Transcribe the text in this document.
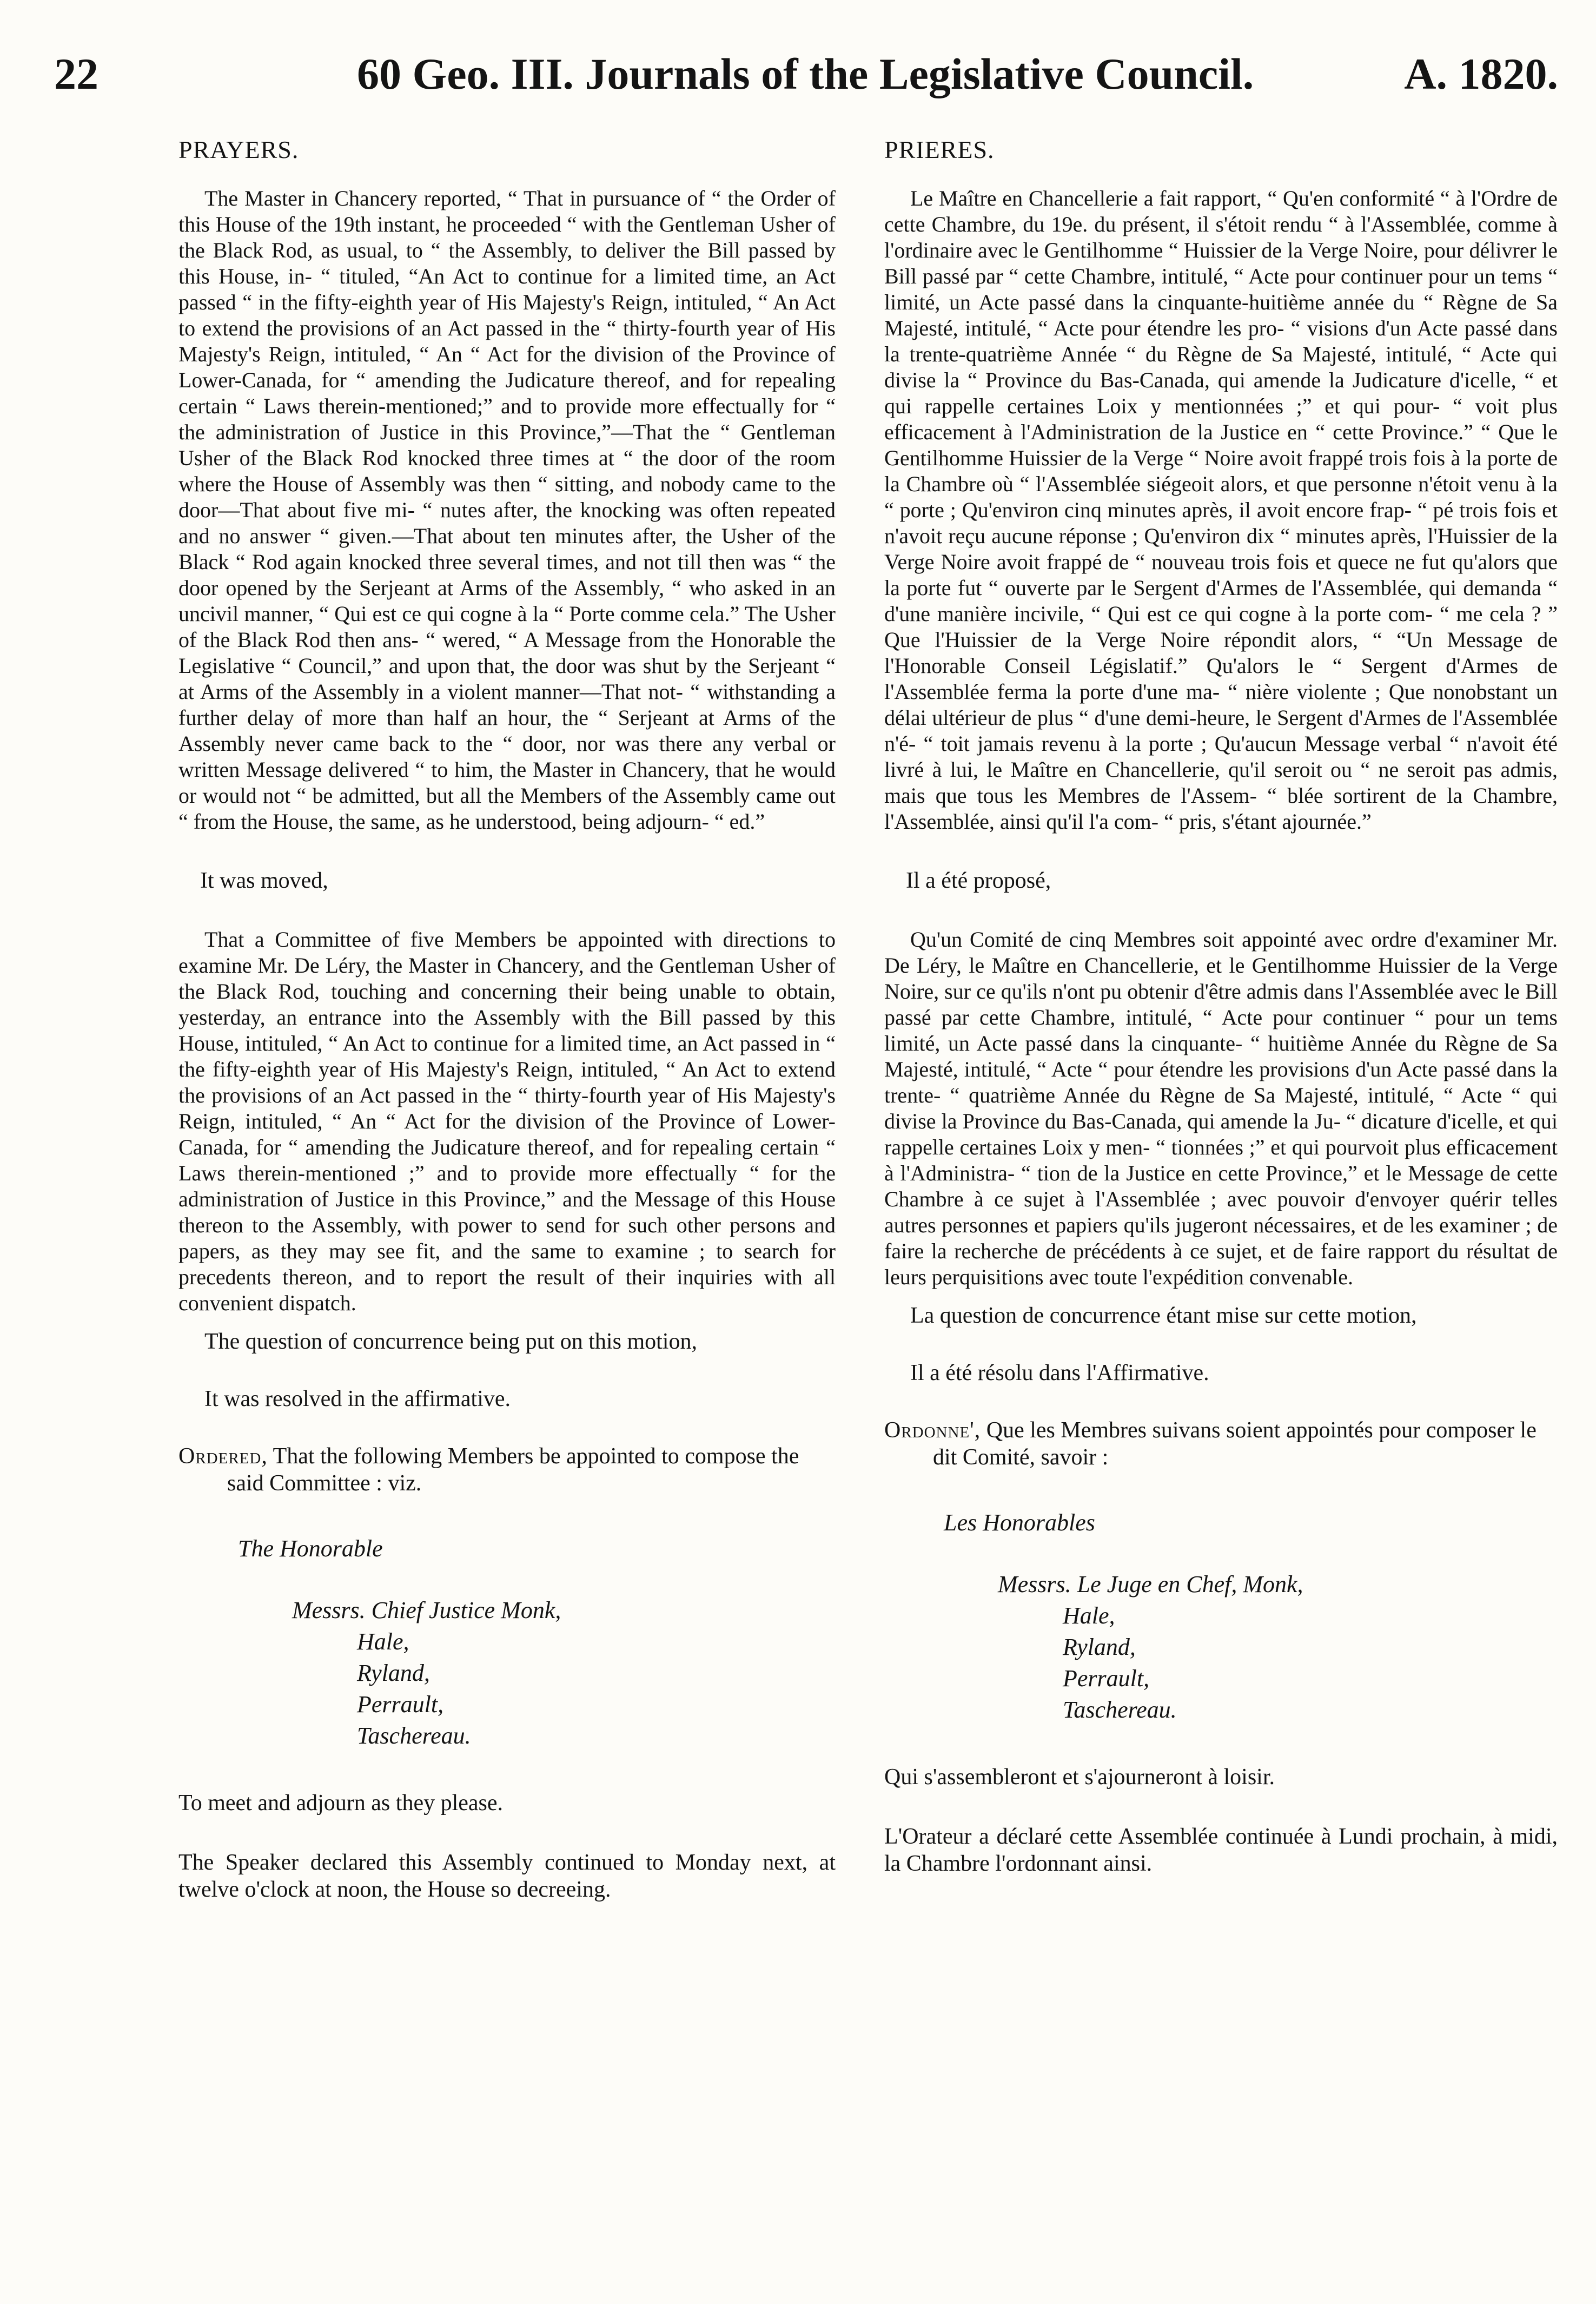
22	60 Geo. III. Journals of the Legislative Council.	A. 1820.
PRAYERS.
The Master in Chancery reported, “ That in pursuance of “ the Order of this House of the 19th instant, he proceeded “ with the Gentleman Usher of the Black Rod, as usual, to “ the Assembly, to deliver the Bill passed by this House, in- “ tituled, “An Act to continue for a limited time, an Act passed “ in the fifty-eighth year of His Majesty's Reign, intituled, “ An Act to extend the provisions of an Act passed in the “ thirty-fourth year of His Majesty's Reign, intituled, “ An “ Act for the division of the Province of Lower-Canada, for “ amending the Judicature thereof, and for repealing certain “ Laws therein-mentioned;” and to provide more effectually for “ the administration of Justice in this Province,”—That the “ Gentleman Usher of the Black Rod knocked three times at “ the door of the room where the House of Assembly was then “ sitting, and nobody came to the door—That about five mi- “ nutes after, the knocking was often repeated and no answer “ given.—That about ten minutes after, the Usher of the Black “ Rod again knocked three several times, and not till then was “ the door opened by the Serjeant at Arms of the Assembly, “ who asked in an uncivil manner, “ Qui est ce qui cogne à la “ Porte comme cela.” The Usher of the Black Rod then ans- “ wered, “ A Message from the Honorable the Legislative “ Council,” and upon that, the door was shut by the Serjeant “ at Arms of the Assembly in a violent manner—That not- “ withstanding a further delay of more than half an hour, the “ Serjeant at Arms of the Assembly never came back to the “ door, nor was there any verbal or written Message delivered “ to him, the Master in Chancery, that he would or would not “ be admitted, but all the Members of the Assembly came out “ from the House, the same, as he understood, being adjourn- “ ed.”
It was moved,
That a Committee of five Members be appointed with directions to examine Mr. De Léry, the Master in Chancery, and the Gentleman Usher of the Black Rod, touching and concerning their being unable to obtain, yesterday, an entrance into the Assembly with the Bill passed by this House, intituled, “ An Act to continue for a limited time, an Act passed in “ the fifty-eighth year of His Majesty's Reign, intituled, “ An Act to extend the provisions of an Act passed in the “ thirty-fourth year of His Majesty's Reign, intituled, “ An “ Act for the division of the Province of Lower-Canada, for “ amending the Judicature thereof, and for repealing certain “ Laws therein-mentioned ;” and to provide more effectually “ for the administration of Justice in this Province,” and the Message of this House thereon to the Assembly, with power to send for such other persons and papers, as they may see fit, and the same to examine ; to search for precedents thereon, and to report the result of their inquiries with all convenient dispatch.
The question of concurrence being put on this motion,
It was resolved in the affirmative.
Ordered, That the following Members be appointed to compose the said Committee : viz.
The Honorable
Messrs. Chief Justice Monk,
Hale,
Ryland,
Perrault,
Taschereau.
To meet and adjourn as they please.
The Speaker declared this Assembly continued to Monday next, at twelve o'clock at noon, the House so decreeing.
PRIERES.
Le Maître en Chancellerie a fait rapport, “ Qu'en conformité “ à l'Ordre de cette Chambre, du 19e. du présent, il s'étoit rendu “ à l'Assemblée, comme à l'ordinaire avec le Gentilhomme “ Huissier de la Verge Noire, pour délivrer le Bill passé par “ cette Chambre, intitulé, “ Acte pour continuer pour un tems “ limité, un Acte passé dans la cinquante-huitième année du “ Règne de Sa Majesté, intitulé, “ Acte pour étendre les pro- “ visions d'un Acte passé dans la trente-quatrième Année “ du Règne de Sa Majesté, intitulé, “ Acte qui divise la “ Province du Bas-Canada, qui amende la Judicature d'icelle, “ et qui rappelle certaines Loix y mentionnées ;” et qui pour- “ voit plus efficacement à l'Administration de la Justice en “ cette Province.” “ Que le Gentilhomme Huissier de la Verge “ Noire avoit frappé trois fois à la porte de la Chambre où “ l'Assemblée siégeoit alors, et que personne n'étoit venu à la “ porte ; Qu'environ cinq minutes après, il avoit encore frap- “ pé trois fois et n'avoit reçu aucune réponse ; Qu'environ dix “ minutes après, l'Huissier de la Verge Noire avoit frappé de “ nouveau trois fois et quece ne fut qu'alors que la porte fut “ ouverte par le Sergent d'Armes de l'Assemblée, qui demanda “ d'une manière incivile, “ Qui est ce qui cogne à la porte com- “ me cela ? ” Que l'Huissier de la Verge Noire répondit alors, “ “Un Message de l'Honorable Conseil Législatif.” Qu'alors le “ Sergent d'Armes de l'Assemblée ferma la porte d'une ma- “ nière violente ; Que nonobstant un délai ultérieur de plus “ d'une demi-heure, le Sergent d'Armes de l'Assemblée n'é- “ toit jamais revenu à la porte ; Qu'aucun Message verbal “ n'avoit été livré à lui, le Maître en Chancellerie, qu'il seroit ou “ ne seroit pas admis, mais que tous les Membres de l'Assem- “ blée sortirent de la Chambre, l'Assemblée, ainsi qu'il l'a com- “ pris, s'étant ajournée.”
Il a été proposé,
Qu'un Comité de cinq Membres soit appointé avec ordre d'examiner Mr. De Léry, le Maître en Chancellerie, et le Gentilhomme Huissier de la Verge Noire, sur ce qu'ils n'ont pu obtenir d'être admis dans l'Assemblée avec le Bill passé par cette Chambre, intitulé, “ Acte pour continuer “ pour un tems limité, un Acte passé dans la cinquante- “ huitième Année du Règne de Sa Majesté, intitulé, “ Acte “ pour étendre les provisions d'un Acte passé dans la trente- “ quatrième Année du Règne de Sa Majesté, intitulé, “ Acte “ qui divise la Province du Bas-Canada, qui amende la Ju- “ dicature d'icelle, et qui rappelle certaines Loix y men- “ tionnées ;” et qui pourvoit plus efficacement à l'Administra- “ tion de la Justice en cette Province,” et le Message de cette Chambre à ce sujet à l'Assemblée ; avec pouvoir d'envoyer quérir telles autres personnes et papiers qu'ils jugeront nécessaires, et de les examiner ; de faire la recherche de précédents à ce sujet, et de faire rapport du résultat de leurs perquisitions avec toute l'expédition convenable.
La question de concurrence étant mise sur cette motion,
Il a été résolu dans l'Affirmative.
Ordonne', Que les Membres suivans soient appointés pour composer le dit Comité, savoir :
Les Honorables
Messrs. Le Juge en Chef, Monk,
Hale,
Ryland,
Perrault,
Taschereau.
Qui s'assembleront et s'ajourneront à loisir.
L'Orateur a déclaré cette Assemblée continuée à Lundi prochain, à midi, la Chambre l'ordonnant ainsi.
